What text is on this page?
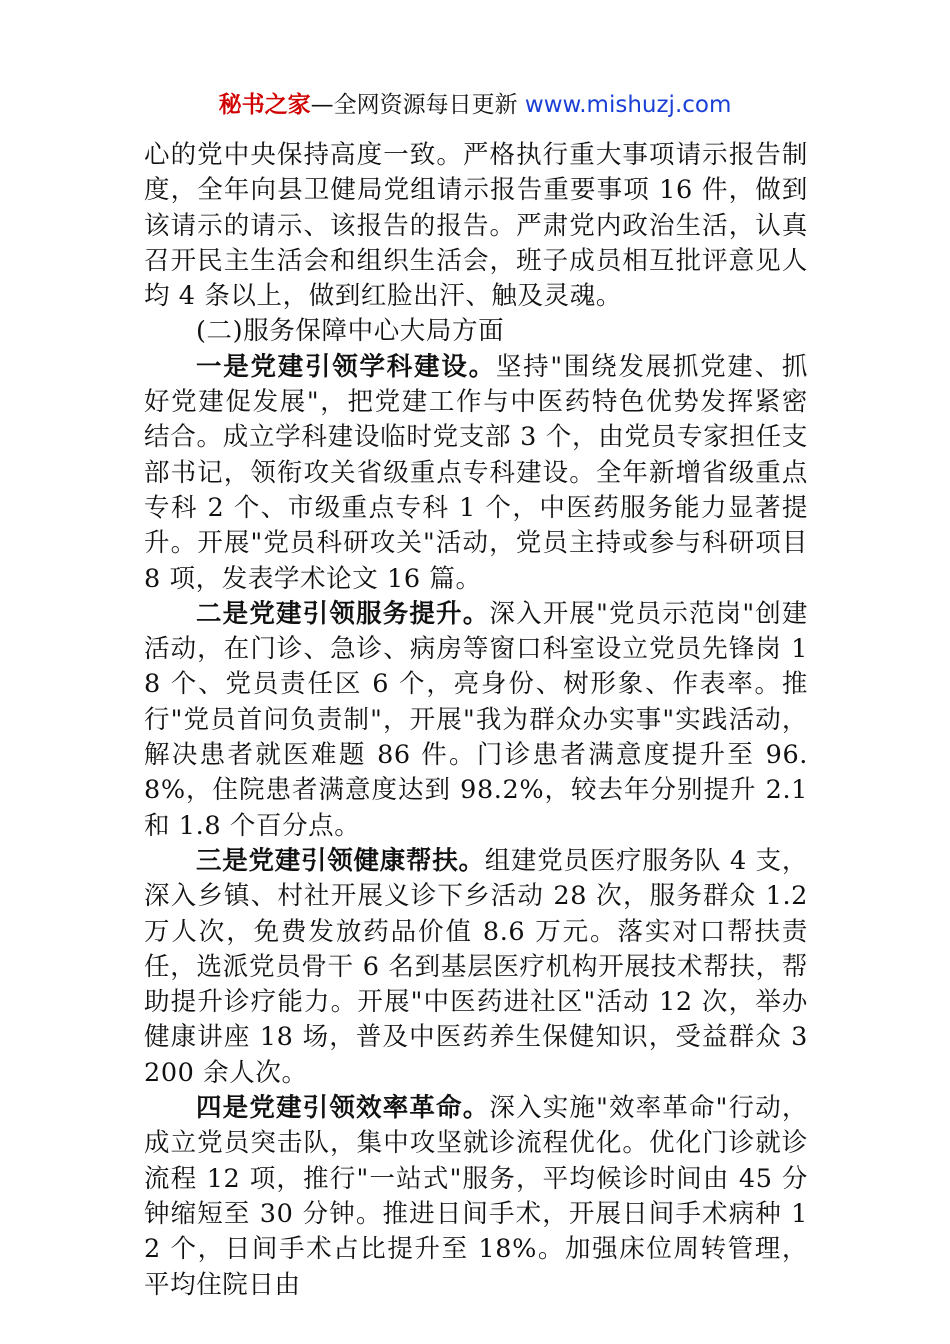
秘书之家—全网资源每日更新 www.mishuzj.com

心的党中央保持高度一致。严格执行重大事项请示报告制度，全年向县卫健局党组请示报告重要事项 16 件，做到该请示的请示、该报告的报告。严肃党内政治生活，认真召开民主生活会和组织生活会，班子成员相互批评意见人均 4 条以上，做到红脸出汗、触及灵魂。

(二)服务保障中心大局方面

一是党建引领学科建设。坚持"围绕发展抓党建、抓好党建促发展"，把党建工作与中医药特色优势发挥紧密结合。成立学科建设临时党支部 3 个，由党员专家担任支部书记，领衔攻关省级重点专科建设。全年新增省级重点专科 2 个、市级重点专科 1 个，中医药服务能力显著提升。开展"党员科研攻关"活动，党员主持或参与科研项目 8 项，发表学术论文 16 篇。

二是党建引领服务提升。深入开展"党员示范岗"创建活动，在门诊、急诊、病房等窗口科室设立党员先锋岗 18 个、党员责任区 6 个，亮身份、树形象、作表率。推行"党员首问负责制"，开展"我为群众办实事"实践活动，解决患者就医难题 86 件。门诊患者满意度提升至 96.8%，住院患者满意度达到 98.2%，较去年分别提升 2.1 和 1.8 个百分点。

三是党建引领健康帮扶。组建党员医疗服务队 4 支，深入乡镇、村社开展义诊下乡活动 28 次，服务群众 1.2 万人次，免费发放药品价值 8.6 万元。落实对口帮扶责任，选派党员骨干 6 名到基层医疗机构开展技术帮扶，帮助提升诊疗能力。开展"中医药进社区"活动 12 次，举办健康讲座 18 场，普及中医药养生保健知识，受益群众 3200 余人次。

四是党建引领效率革命。深入实施"效率革命"行动，成立党员突击队，集中攻坚就诊流程优化。优化门诊就诊流程 12 项，推行"一站式"服务，平均候诊时间由 45 分钟缩短至 30 分钟。推进日间手术，开展日间手术病种 12 个，日间手术占比提升至 18%。加强床位周转管理，平均住院日由
